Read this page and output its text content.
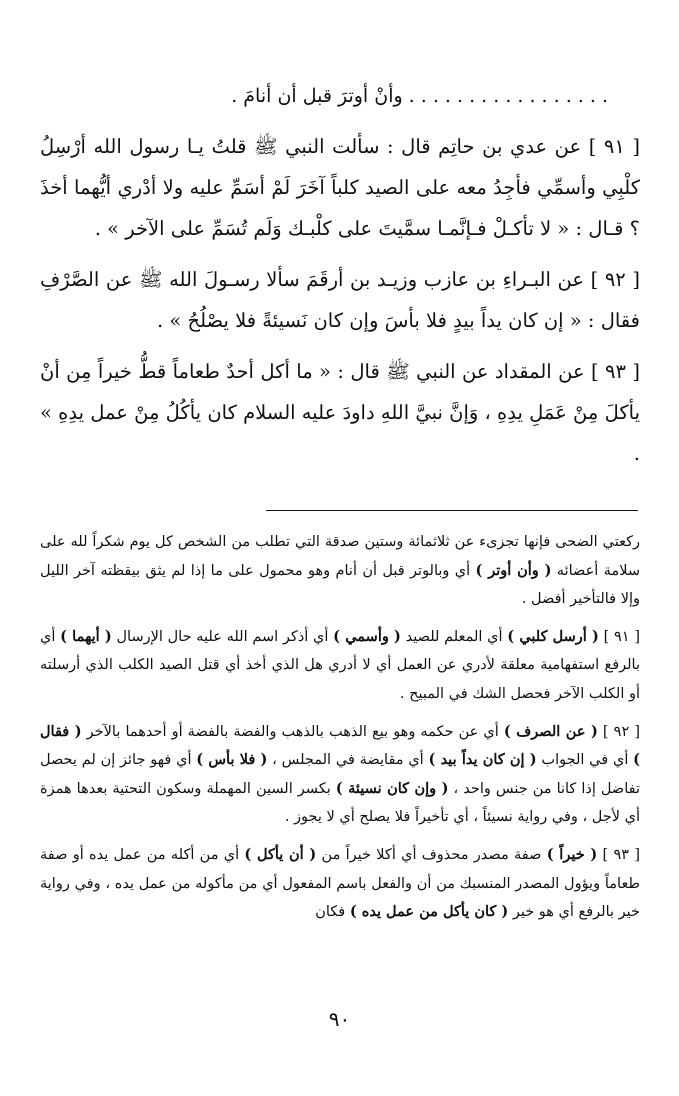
. . . . . . . . . . . . . . . . . وأنْ أوترَ قبل أن أنامَ .

[ ٩١ ] عن عدي بن حاتِم قال : سألت النبي ﷺ قلتُ يـا رسول الله أرْسِلُ كلْبِي وأسمِّي فأجِدُ معه على الصيد كلباً آخَرَ لَمْ أسَمِّ عليه ولا أدْري أيُّهما أخذَ ؟ قـال : « لا تأكـلْ فـإنَّمـا سمَّيتَ على كلْبـك وَلَم تُسَمِّ على الآخر » .

[ ٩٢ ] عن البـراءِ بن عازب وزيـد بن أرقَمَ سألا رسـولَ الله ﷺ عن الصَّرْفِ فقال : « إن كان يداً بيدٍ فلا بأسَ وإن كان نَسيئةً فلا يصْلُحُ » .

[ ٩٣ ] عن المقداد عن النبي ﷺ قال : « ما أكل أحدٌ طعاماً قطُّ خيراً مِن أنْ يأكلَ مِنْ عَمَلِ يدِهِ ، وَإنَّ نبيَّ اللهِ داودَ عليه السلام كان يأكُلُ مِنْ عمل يدِهِ » .

ركعتي الضحى فإنها تجزىء عن ثلاثمائة وستين صدقة التي تطلب من الشخص كل يوم شكراً لله على سلامة أعضائه ( وأن أوتر ) أي وبالوتر قبل أن أنام وهو محمول على ما إذا لم يثق بيقظته آخر الليل وإلا فالتأخير أفضل .

[ ٩١ ] ( أرسل كلبي ) أي المعلم للصيد ( وأسمي ) أي أذكر اسم الله عليه حال الإرسال ( أيهما ) أي بالرفع استفهامية معلقة لأدري عن العمل أي لا أدري هل الذي أخذ أي قتل الصيد الكلب الذي أرسلته أو الكلب الآخر فحصل الشك في المبيح .

[ ٩٢ ] ( عن الصرف ) أي عن حكمه وهو بيع الذهب بالذهب والفضة بالفضة أو أحدهما بالآخر ( فقال ) أي في الجواب ( إن كان يداً بيد ) أي مقايضة في المجلس ، ( فلا بأس ) أي فهو جائز إن لم يحصل تفاضل إذا كانا من جنس واحد ، ( وإن كان نسيئة ) بكسر السين المهملة وسكون التحتية بعدها همزة أي لأجل ، وفي رواية نسيئاً ، أي تأخيراً فلا يصلح أي لا يجوز .

[ ٩٣ ] ( خيراً ) صفة مصدر محذوف أي أكلا خيراً من ( أن يأكل ) أي من أكله من عمل يده أو صفة طعاماً ويؤول المصدر المنسبك من أن والفعل باسم المفعول أي من مأكوله من عمل يده ، وفي رواية خير بالرفع أي هو خير ( كان يأكل من عمل يده ) فكان

٩٠
